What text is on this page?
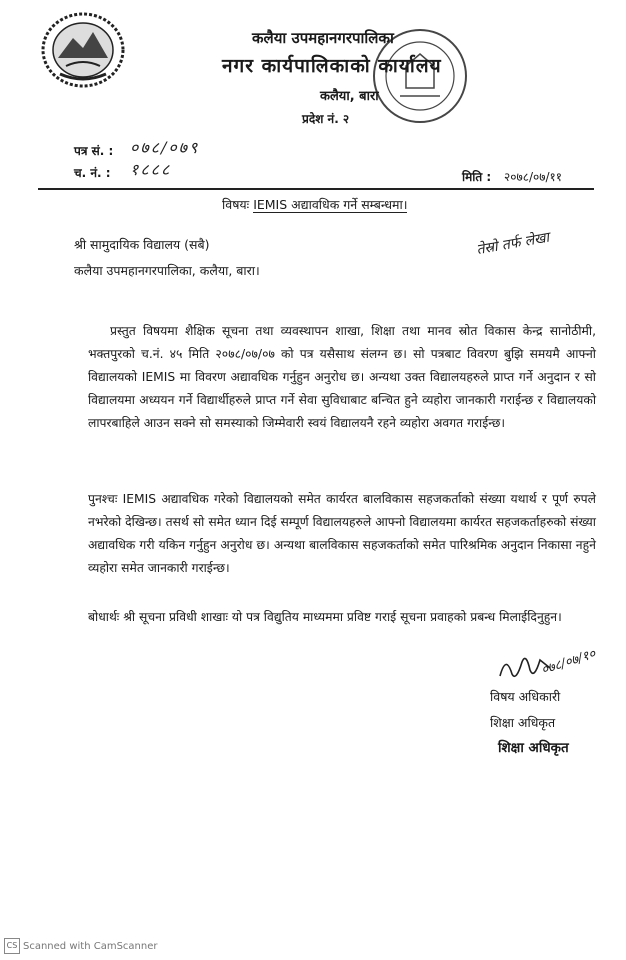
कलैया उपमहानगरपालिका
नगर कार्यपालिकाको कार्यालय
कलैया, बारा
प्रदेश नं. २
पत्र सं. : ०७८/०७९
च. नं. : १८८८	मिति : २०७८/०७/११
विषयः IEMIS अद्यावधिक गर्ने सम्बन्धमा।
श्री सामुदायिक विद्यालय (सबै)
कलैया उपमहानगरपालिका, कलैया, बारा।
तेस्रो तर्फ लेखा
प्रस्तुत विषयमा शैक्षिक सूचना तथा व्यवस्थापन शाखा, शिक्षा तथा मानव स्रोत विकास केन्द्र सानोठीमी, भक्तपुरको च.नं. ४५ मिति २०७८/०७/०७ को पत्र यसैसाथ संलग्न छ। सो पत्रबाट विवरण बुझि समयमै आफ्नो विद्यालयको IEMIS मा विवरण अद्यावधिक गर्नुहुन अनुरोध छ। अन्यथा उक्त विद्यालयहरुले प्राप्त गर्ने अनुदान र सो विद्यालयमा अध्ययन गर्ने विद्यार्थीहरुले प्राप्त गर्ने सेवा सुविधाबाट बन्चित हुने व्यहोरा जानकारी गराईन्छ र विद्यालयको लापरबाहिले आउन सक्ने सो समस्याको जिम्मेवारी स्वयं विद्यालयनै रहने व्यहोरा अवगत गराईन्छ।
पुनश्चः IEMIS अद्यावधिक गरेको विद्यालयको समेत कार्यरत बालविकास सहजकर्ताको संख्या यथार्थ र पूर्ण रुपले नभरेको देखिन्छ। तसर्थ सो समेत ध्यान दिई सम्पूर्ण विद्यालयहरुले आफ्नो विद्यालयमा कार्यरत सहजकर्ताहरुको संख्या अद्यावधिक गरी यकिन गर्नुहुन अनुरोध छ। अन्यथा बालविकास सहजकर्ताको समेत पारिश्रमिक अनुदान निकासा नहुने व्यहोरा समेत जानकारी गराईन्छ।
बोधार्थः श्री सूचना प्रविधी शाखाः यो पत्र विद्युतिय माध्यममा प्रविष्ट गराई सूचना प्रवाहको प्रबन्ध मिलाईदिनुहुन।
०७८/०७/१०
विषय अधिकारी
शिक्षा अधिकृत
शिक्षा अधिकृत
CS Scanned with CamScanner
